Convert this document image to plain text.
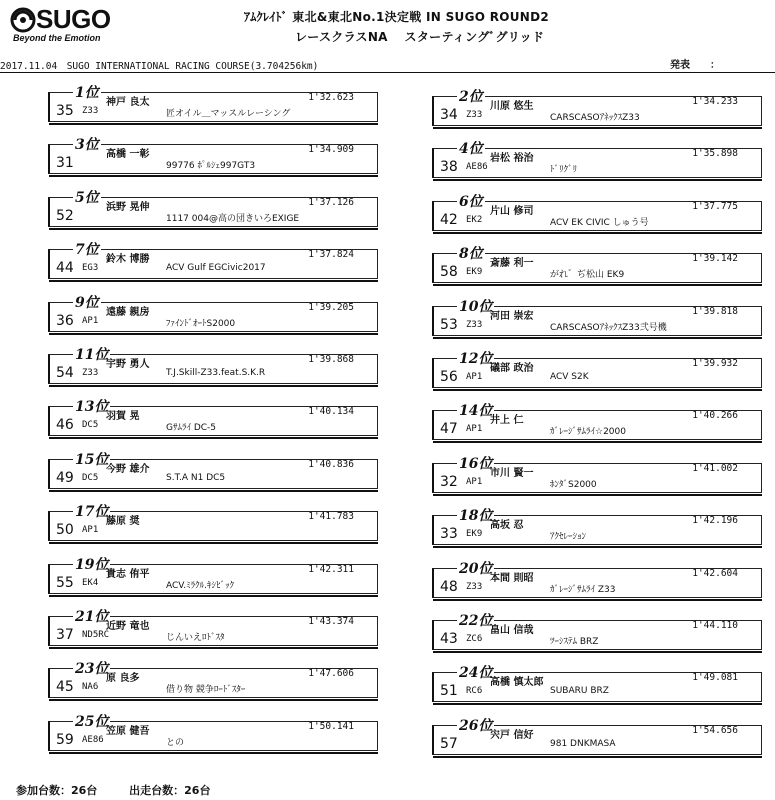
SUGO
Beyond the Emotion
ｱﾑｸﾚｲﾄﾞ 東北&東北No.1決定戦 IN SUGO ROUND2
レースクラスNA　 スターティングﾞグリッド
2017.11.04　SUGO INTERNATIONAL RACING COURSE(3.704256km)	発表　　：
1位
35 Z33
神戸 良太
匠オイル＿マッスルレーシング
1'32.623	2位
34 Z33
川原 悠生
CARSCASOｱﾈｯｸｽZ33
1'34.233
3位
31
高橋 一彰
99776 ﾎﾟﾙｼｪ997GT3
1'34.909	4位
38 AE86
岩松 裕治
ﾄﾞﾘｸﾞﾘ
1'35.898
5位
52
浜野 晃伸
1117 004@高の団きいろEXIGE
1'37.126	6位
42 EK2
片山 修司
ACV EK CIVIC しゅう号
1'37.775
7位
44 EG3
鈴木 博勝
ACV Gulf EGCivic2017
1'37.824	8位
58 EK9
斎藤 利一
がれ゛ぢ松山 EK9
1'39.142
9位
36 AP1
遠藤 親房
ﾌｧｲﾝﾄﾞｵｰﾄS2000
1'39.205	10位
53 Z33
河田 崇宏
CARSCASOｱﾈｯｸｽZ33弐号機
1'39.818
11位
54 Z33
宇野 勇人
T.J.Skill-Z33.feat.S.K.R
1'39.868	12位
56 AP1
礒部 政治
ACV S2K
1'39.932
13位
46 DC5
羽賀 晃
Gｻﾑﾗｲ DC-5
1'40.134	14位
47 AP1
井上 仁
ｶﾞﾚｰｼﾞｻﾑﾗｲ☆2000
1'40.266
15位
49 DC5
今野 雄介
S.T.A N1 DC5
1'40.836	16位
32 AP1
市川 賢一
ﾎﾝﾀﾞS2000
1'41.002
17位
50 AP1
藤原 奨	1'41.783	18位
33 EK9
高坂 忍
ｱｸｾﾚｰｼｮﾝ
1'42.196
19位
55 EK4
貴志 侑平
ACV.ﾐﾗｸﾙ.ｷｼﾋﾞｯｸ
1'42.311	20位
48 Z33
本間 則昭
ｶﾞﾚｰｼﾞｻﾑﾗｲ Z33
1'42.604
21位
37 ND5RC
近野 竜也
じんいえﾛﾄﾞｽﾀ
1'43.374	22位
43 ZC6
畠山 信哉
ﾂｰｼｽﾃﾑ BRZ
1'44.110
23位
45 NA6
原 良多
借り物 競争ﾛｰﾄﾞｽﾀｰ
1'47.606	24位
51 RC6
高橋 慎太郎
SUBARU BRZ
1'49.081
25位
59 AE86
笠原 健吾
との
1'50.141	26位
57
宍戸 信好
981 DNKMASA
1'54.656
参加台数：26台	出走台数：26台
